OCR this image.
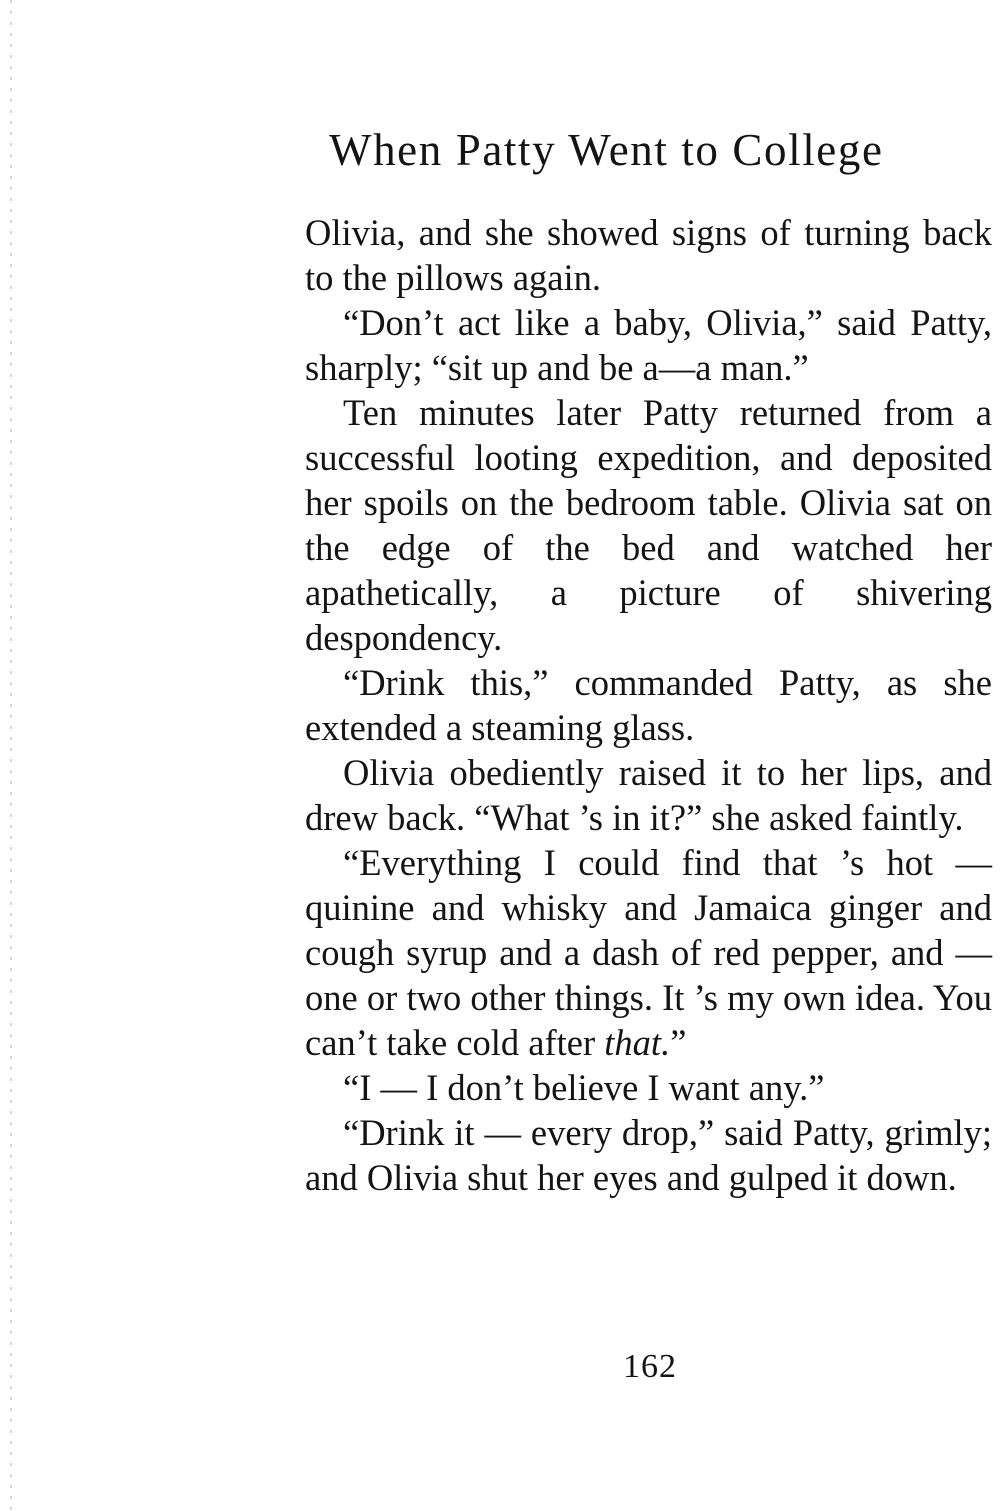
When Patty Went to College

Olivia, and she showed signs of turning back to the pillows again.

“Don’t act like a baby, Olivia,” said Patty, sharply; “sit up and be a—a man.”

Ten minutes later Patty returned from a successful looting expedition, and deposited her spoils on the bedroom table. Olivia sat on the edge of the bed and watched her apathetically, a picture of shivering despondency.

“Drink this,” commanded Patty, as she extended a steaming glass.

Olivia obediently raised it to her lips, and drew back. “What ’s in it?” she asked faintly.

“Everything I could find that ’s hot — quinine and whisky and Jamaica ginger and cough syrup and a dash of red pepper, and — one or two other things. It ’s my own idea. You can’t take cold after that.”

“I — I don’t believe I want any.”

“Drink it — every drop,” said Patty, grimly; and Olivia shut her eyes and gulped it down.

162
